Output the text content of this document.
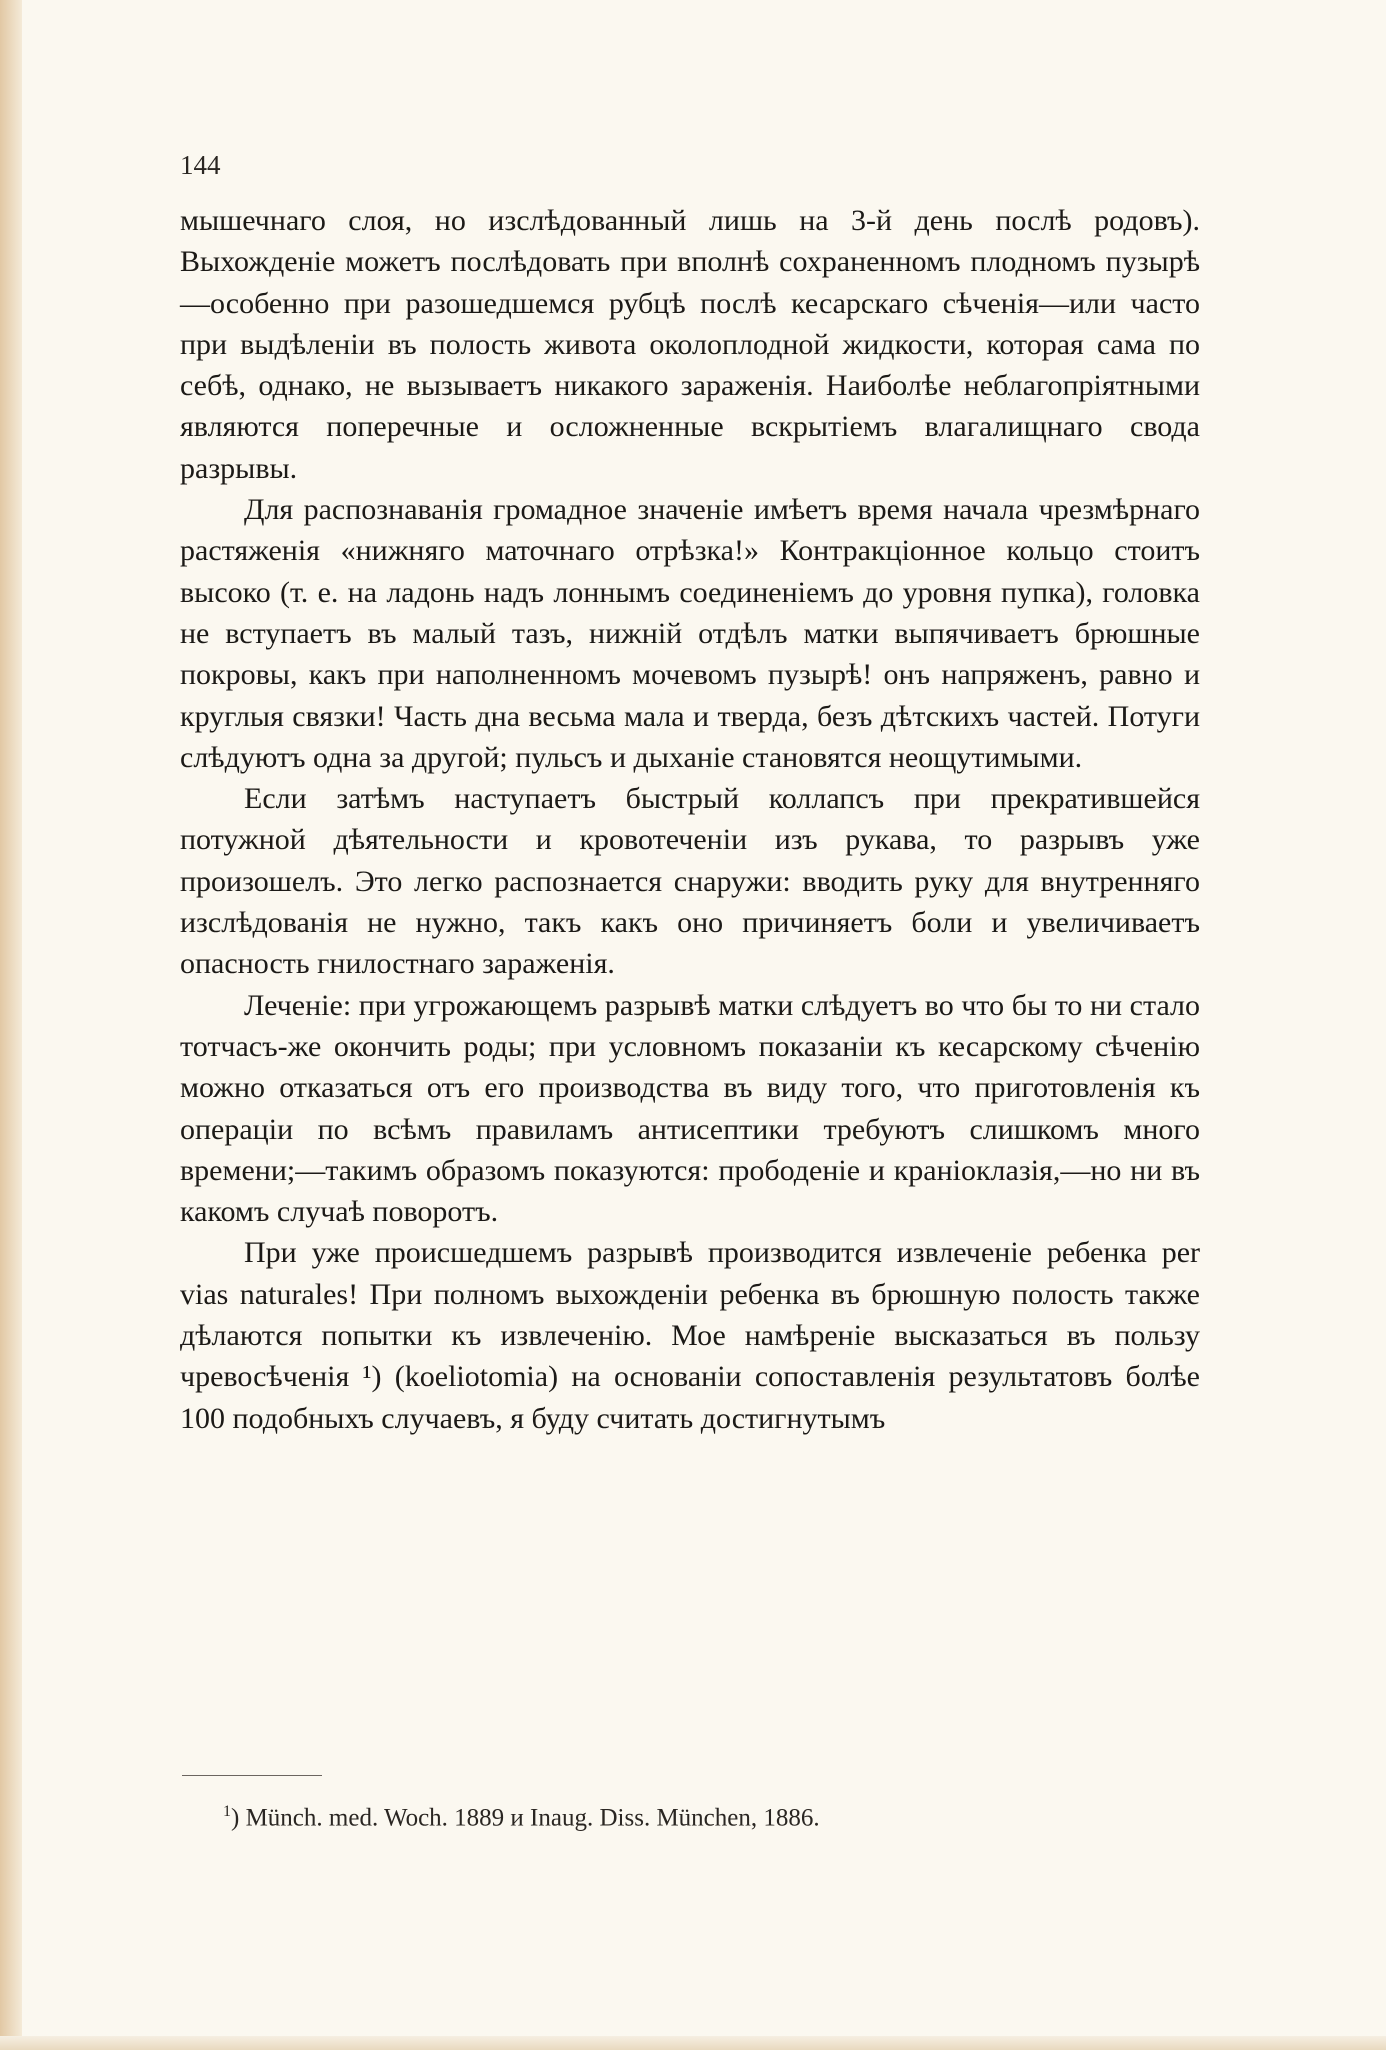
144

мышечнаго слоя, но изслѣдованный лишь на 3-й день послѣ родовъ). Выхожденіе можетъ послѣдовать при вполнѣ сохраненномъ плодномъ пузырѣ—особенно при разошедшемся рубцѣ послѣ кесарскаго сѣченія—или часто при выдѣленіи въ полость живота околоплодной жидкости, которая сама по себѣ, однако, не вызываетъ никакого зараженія. Наиболѣе неблагопріятными являются поперечные и осложненные вскрытіемъ влагалищнаго свода разрывы.

Для распознаванія громадное значеніе имѣетъ время начала чрезмѣрнаго растяженія «нижняго маточнаго отрѣзка!» Контракціонное кольцо стоитъ высоко (т. е. на ладонь надъ лоннымъ соединеніемъ до уровня пупка), головка не вступаетъ въ малый тазъ, нижній отдѣлъ матки выпячиваетъ брюшные покровы, какъ при наполненномъ мочевомъ пузырѣ! онъ напряженъ, равно и круглыя связки! Часть дна весьма мала и тверда, безъ дѣтскихъ частей. Потуги слѣдуютъ одна за другой; пульсъ и дыханіе становятся неощутимыми.

Если затѣмъ наступаетъ быстрый коллапсъ при прекратившейся потужной дѣятельности и кровотеченіи изъ рукава, то разрывъ уже произошелъ. Это легко распознается снаружи: вводить руку для внутренняго изслѣдованія не нужно, такъ какъ оно причиняетъ боли и увеличиваетъ опасность гнилостнаго зараженія.

Леченіе: при угрожающемъ разрывѣ матки слѣдуетъ во что бы то ни стало тотчасъ-же окончить роды; при условномъ показаніи къ кесарскому сѣченію можно отказаться отъ его производства въ виду того, что приготовленія къ операціи по всѣмъ правиламъ антисептики требуютъ слишкомъ много времени;—такимъ образомъ показуются: прободеніе и краніоклазія,—но ни въ какомъ случаѣ поворотъ.

При уже происшедшемъ разрывѣ производится извлеченіе ребенка per vias naturales! При полномъ выхожденіи ребенка въ брюшную полость также дѣлаются попытки къ извлеченію. Мое намѣреніе высказаться въ пользу чревосѣченія ¹) (koeliotomia) на основаніи сопоставленія результатовъ болѣе 100 подобныхъ случаевъ, я буду считать достигнутымъ

$^1$) Münch. med. Woch. 1889 и Inaug. Diss. München, 1886.
